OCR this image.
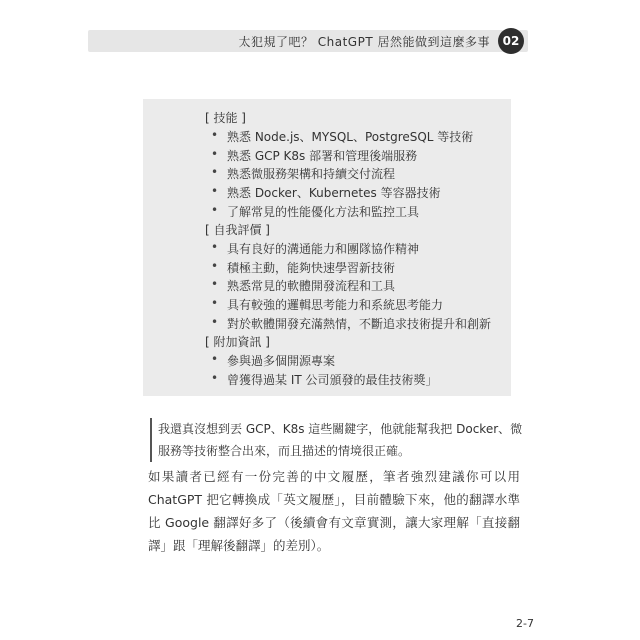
太犯規了吧？ ChatGPT 居然能做到這麼多事	02
[ 技能 ]
• 熟悉 Node.js、MYSQL、PostgreSQL 等技術
• 熟悉 GCP K8s 部署和管理後端服務
• 熟悉微服務架構和持續交付流程
• 熟悉 Docker、Kubernetes 等容器技術
• 了解常見的性能優化方法和監控工具
[ 自我評價 ]
• 具有良好的溝通能力和團隊協作精神
• 積極主動，能夠快速學習新技術
• 熟悉常見的軟體開發流程和工具
• 具有較強的邏輯思考能力和系統思考能力
• 對於軟體開發充滿熱情，不斷追求技術提升和創新
[ 附加資訊 ]
• 參與過多個開源專案
• 曾獲得過某 IT 公司頒發的最佳技術獎」
我還真沒想到丟 GCP、K8s 這些關鍵字，他就能幫我把 Docker、微服務等技術整合出來，而且描述的情境很正確。
如果讀者已經有一份完善的中文履歷，筆者強烈建議你可以用 ChatGPT 把它轉換成「英文履歷」，目前體驗下來，他的翻譯水準比 Google 翻譯好多了（後續會有文章實測，讓大家理解「直接翻譯」跟「理解後翻譯」的差別）。
2-7
